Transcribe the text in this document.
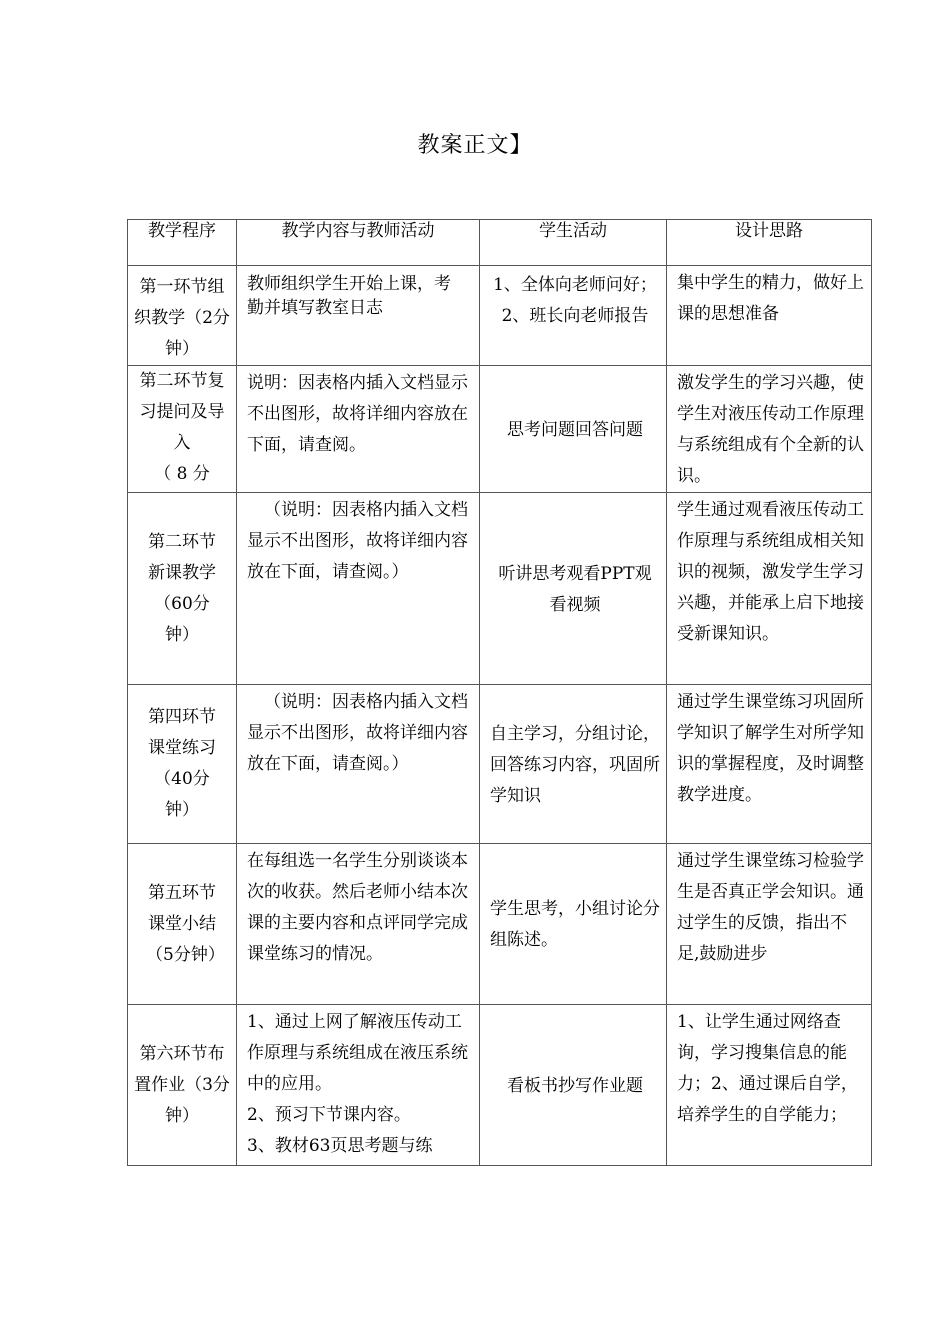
教案正文】
教学程序	教学内容与教师活动	学生活动	设计思路

第一环节组织教学（2分钟）	教师组织学生开始上课，考
勤并填写教室日志	1、全体向老师问好；
2、班长向老师报告	集中学生的精力，做好上课的思想准备

第二环节复习提问及导入
（ 8 分	说明：因表格内插入文档显示不出图形，故将详细内容放在下面，请查阅。	思考问题回答问题	激发学生的学习兴趣，使学生对液压传动工作原理与系统组成有个全新的认识。

第二环节新课教学（60分钟）	（说明：因表格内插入文档显示不出图形，故将详细内容放在下面，请查阅。）	听讲思考观看PPT观看视频	学生通过观看液压传动工作原理与系统组成相关知识的视频，激发学生学习兴趣，并能承上启下地接受新课知识。

第四环节课堂练习（40分钟）	（说明：因表格内插入文档显示不出图形，故将详细内容放在下面，请查阅。）	自主学习，分组讨论，回答练习内容，巩固所学知识	通过学生课堂练习巩固所学知识了解学生对所学知识的掌握程度，及时调整教学进度。

第五环节课堂小结（5分钟）	在每组选一名学生分别谈谈本次的收获。然后老师小结本次课的主要内容和点评同学完成课堂练习的情况。	学生思考，小组讨论分组陈述。	通过学生课堂练习检验学生是否真正学会知识。通过学生的反馈，指出不足,鼓励进步

第六环节布置作业（3分钟）	1、通过上网了解液压传动工作原理与系统组成在液压系统中的应用。
2、预习下节课内容。
3、教材63页思考题与练	看板书抄写作业题	1、让学生通过网络查询，学习搜集信息的能力；2、通过课后自学，培养学生的自学能力；
